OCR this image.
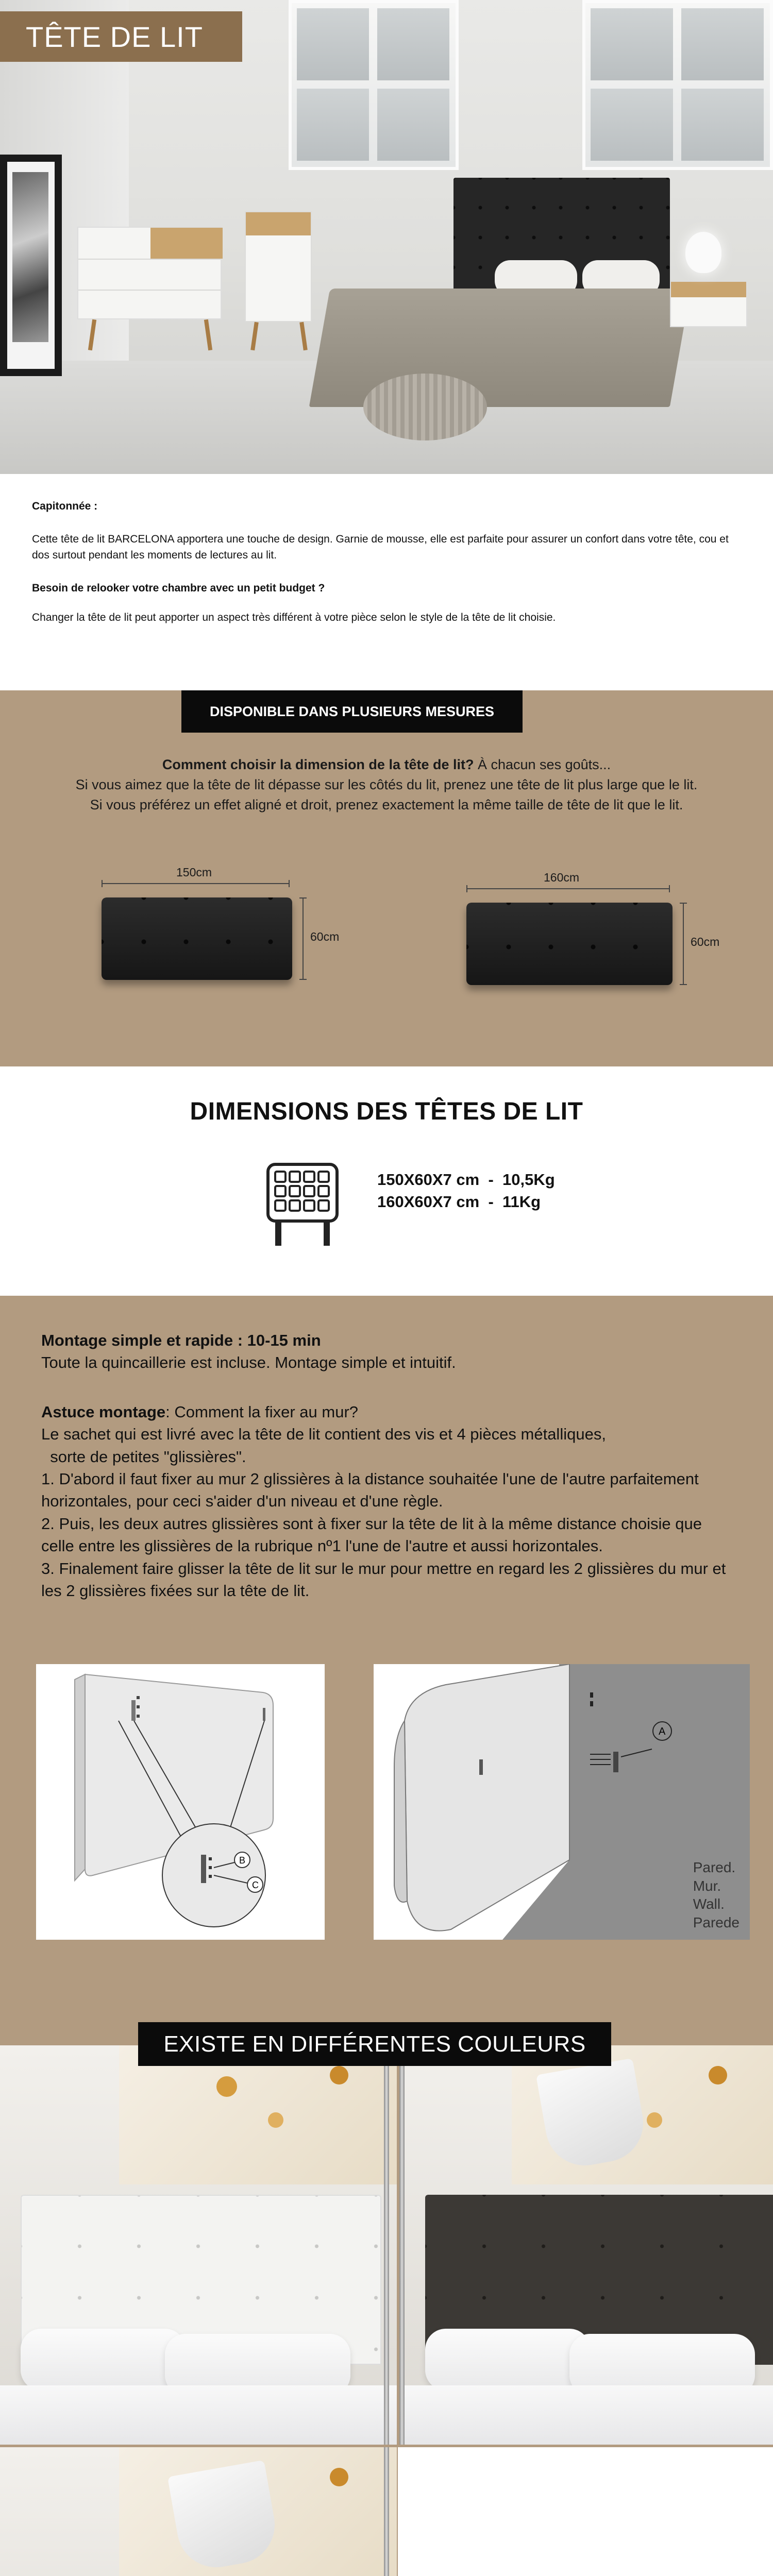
TÊTE DE LIT
Capitonnée :

Cette tête de lit BARCELONA apportera une touche de design. Garnie de mousse, elle est parfaite pour assurer un confort dans votre tête, cou et dos surtout pendant les moments de lectures au lit.

Besoin de relooker votre chambre avec un petit budget ?

Changer la tête de lit peut apporter un aspect très différent à votre pièce selon le style de la tête de lit choisie.

DISPONIBLE DANS PLUSIEURS MESURES
Comment choisir la dimension de la tête de lit? À chacun ses goûts...
Si vous aimez que la tête de lit dépasse sur les côtés du lit, prenez une tête de lit plus large que le lit.
Si vous préférez un effet aligné et droit, prenez exactement la même taille de tête de lit que le lit.
150cm
60cm
160cm
60cm
DIMENSIONS DES TÊTES DE LIT
150X60X7 cm  -  10,5Kg
160X60X7 cm  -  11Kg
Montage simple et rapide : 10-15 min
Toute la quincaillerie est incluse. Montage simple et intuitif.
Astuce montage: Comment la fixer au mur?
Le sachet qui est livré avec la tête de lit contient des vis et 4 pièces métalliques,
sorte de petites "glissières".
1. D'abord il faut fixer au mur 2 glissières à la distance souhaitée l'une de l'autre parfaitement horizontales, pour ceci s'aider d'un niveau et d'une règle.
2. Puis, les deux autres glissières sont à fixer sur la tête de lit à la même distance choisie que celle entre les glissières de la rubrique nº1 l'une de l'autre et aussi horizontales.
3. Finalement faire glisser la tête de lit sur le mur pour mettre en regard les 2 glissières du mur et les 2 glissières fixées sur la tête de lit.
B
C
A
Pared.
Mur.
Wall.
Parede
EXISTE EN DIFFÉRENTES COULEURS
